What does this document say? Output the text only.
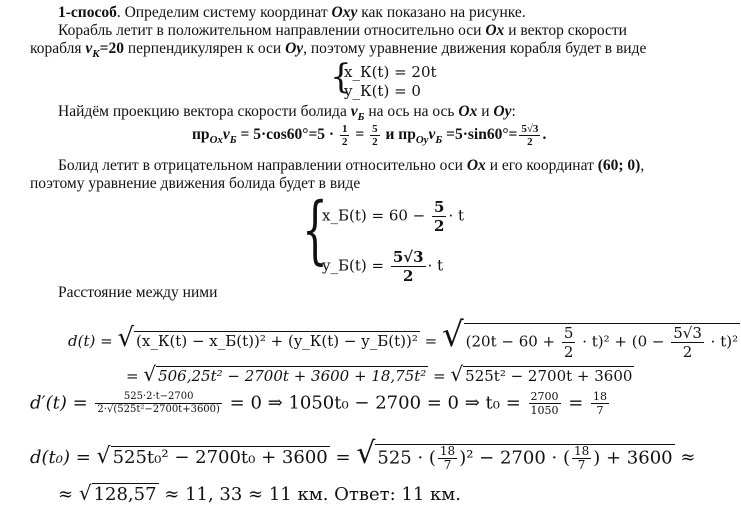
1-способ. Определим систему координат Oxy как показано на рисунке.
Корабль летит в положительном направлении относительно оси Ox и вектор скорости
корабля $v_К=20$ перпендикулярен к оси Oy, поэтому уравнение движения корабля будет в виде
{
x_К(t) = 20t
y_К(t) = 0
Найдём проекцию вектора скорости болида $v_Б$ на ось на ось Ox и Oy:
$пр_{Ox}v_Б = 5\cdot\cos 60^\circ=5 \cdot \frac{1}{2} = \frac{5}{2}$ и $пр_{Oy}v_Б =5\cdot\sin 60^\circ= \frac{5√3}{2}$ .
Болид летит в отрицательном направлении относительно оси Ox и его координат (60; 0),
поэтому уравнение движения болида будет в виде
{
x_Б(t) = $60 - \frac{5}{2} \cdot t$
y_Б(t) = $\frac{5√3}{2} \cdot t$
Расстояние между ними
d(t) = √ (x_К(t) − x_Б(t))² + (y_К(t) − y_Б(t))² = √ $(20t - 60 + \frac{5}{2} \cdot t)^2 + (0 - \frac{5√3}{2} \cdot t)^2$
= √ 506,25t² − 2700t + 3600 + 18,75t² = √ 525t² − 2700t + 3600
$d'(t) = \frac{525\cdot 2\cdot t-2700}{\text{2·√(525t²−2700t+3600)}} = 0$ ⇒ 1050t₀ − 2700 = 0 ⇒ $t_0 = \frac{2700}{1050} = \frac{18}{7}$
d(t₀) = √ 525t₀² − 2700t₀ + 3600 = √ 525 · ( $\frac{18}{7} )^2 - 2700$ · ( $\frac{18}{7}$ ) + 3600 ≈
≈ √ 128,57 ≈ 11, 33 ≈ 11 км. Ответ: 11 км.
